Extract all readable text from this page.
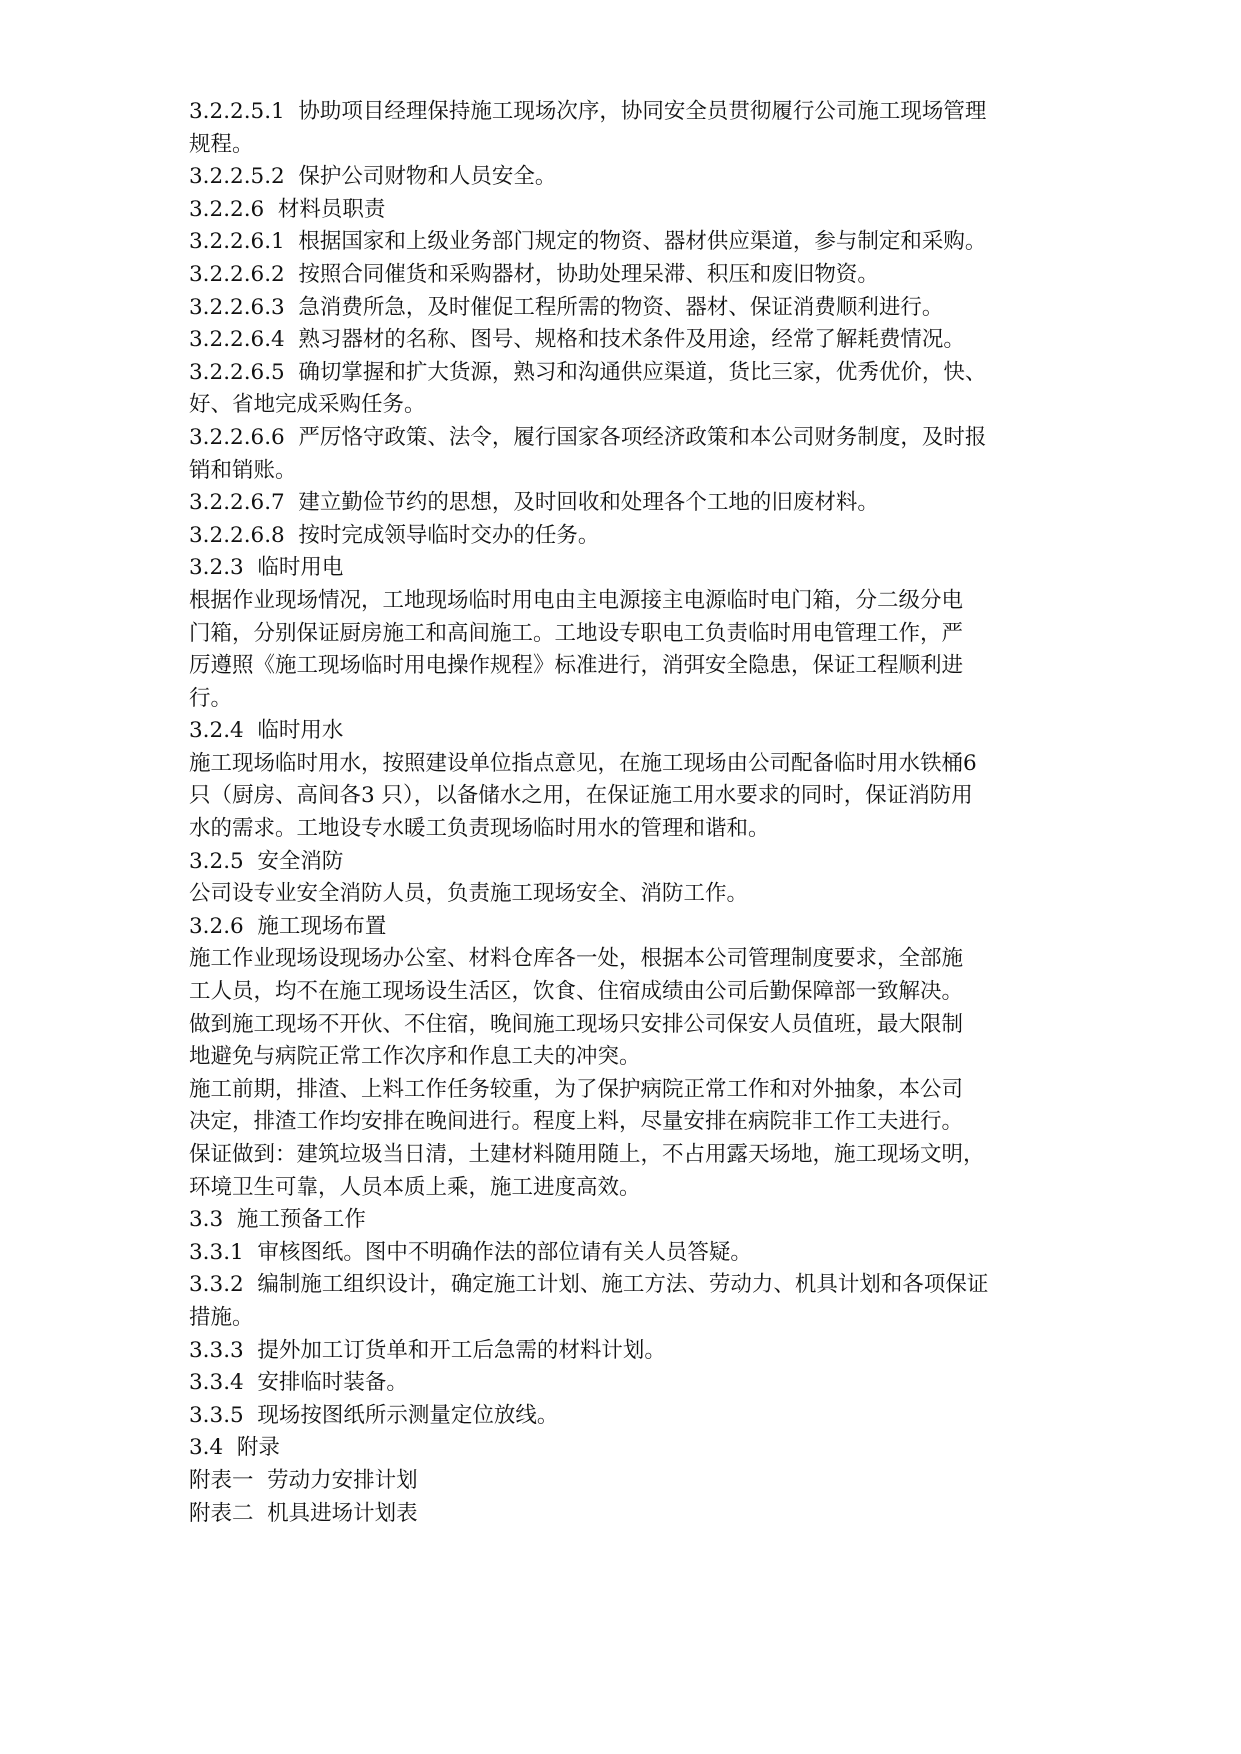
3.2.2.5.1  协助项目经理保持施工现场次序，协同安全员贯彻履行公司施工现场管理
规程。
3.2.2.5.2  保护公司财物和人员安全。
3.2.2.6  材料员职责
3.2.2.6.1  根据国家和上级业务部门规定的物资、器材供应渠道，参与制定和采购。
3.2.2.6.2  按照合同催货和采购器材，协助处理呆滞、积压和废旧物资。
3.2.2.6.3  急消费所急，及时催促工程所需的物资、器材、保证消费顺利进行。
3.2.2.6.4  熟习器材的名称、图号、规格和技术条件及用途，经常了解耗费情况。
3.2.2.6.5  确切掌握和扩大货源，熟习和沟通供应渠道，货比三家，优秀优价，快、
好、省地完成采购任务。
3.2.2.6.6  严厉恪守政策、法令，履行国家各项经济政策和本公司财务制度，及时报
销和销账。
3.2.2.6.7  建立勤俭节约的思想，及时回收和处理各个工地的旧废材料。
3.2.2.6.8  按时完成领导临时交办的任务。
3.2.3  临时用电
根据作业现场情况，工地现场临时用电由主电源接主电源临时电门箱，分二级分电
门箱，分别保证厨房施工和高间施工。工地设专职电工负责临时用电管理工作，严
厉遵照《施工现场临时用电操作规程》标准进行，消弭安全隐患，保证工程顺利进
行。
3.2.4  临时用水
施工现场临时用水，按照建设单位指点意见，在施工现场由公司配备临时用水铁桶6
只（厨房、高间各3 只），以备储水之用，在保证施工用水要求的同时，保证消防用
水的需求。工地设专水暖工负责现场临时用水的管理和谐和。
3.2.5  安全消防
公司设专业安全消防人员，负责施工现场安全、消防工作。
3.2.6  施工现场布置
施工作业现场设现场办公室、材料仓库各一处，根据本公司管理制度要求，全部施
工人员，均不在施工现场设生活区，饮食、住宿成绩由公司后勤保障部一致解决。
做到施工现场不开伙、不住宿，晚间施工现场只安排公司保安人员值班，最大限制
地避免与病院正常工作次序和作息工夫的冲突。
施工前期，排渣、上料工作任务较重，为了保护病院正常工作和对外抽象，本公司
决定，排渣工作均安排在晚间进行。程度上料，尽量安排在病院非工作工夫进行。
保证做到：建筑垃圾当日清，土建材料随用随上，不占用露天场地，施工现场文明，
环境卫生可靠，人员本质上乘，施工进度高效。
3.3  施工预备工作
3.3.1  审核图纸。图中不明确作法的部位请有关人员答疑。
3.3.2  编制施工组织设计，确定施工计划、施工方法、劳动力、机具计划和各项保证
措施。
3.3.3  提外加工订货单和开工后急需的材料计划。
3.3.4  安排临时装备。
3.3.5  现场按图纸所示测量定位放线。
3.4  附录
附表一  劳动力安排计划
附表二  机具进场计划表
